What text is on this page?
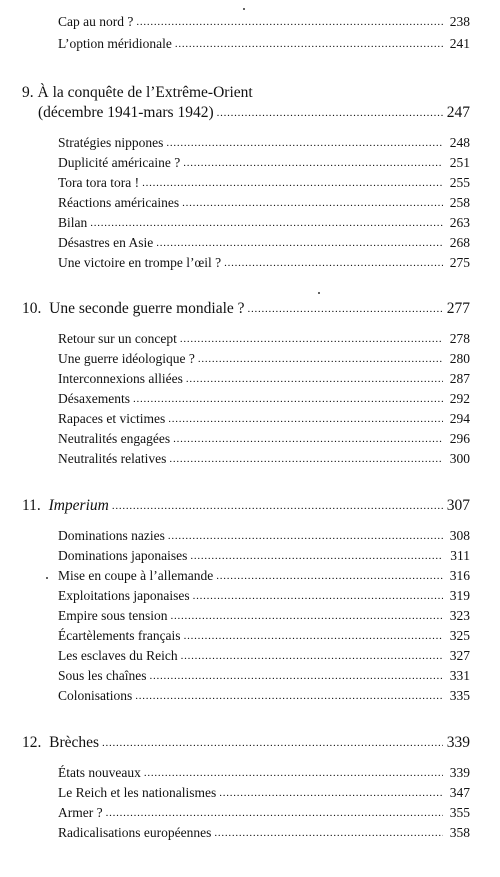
Cap au nord ? . . .	238
L’option méridionale . . .	241
9. À la conquête de l’Extrême-Orient
(décembre 1941-mars 1942) . . .	247
Stratégies nippones . . .	248
Duplicité américaine ? . . .	251
Tora tora tora ! . . .	255
Réactions américaines . . .	258
Bilan . . .	263
Désastres en Asie . . .	268
Une victoire en trompe l’œil ? . . .	275
10. Une seconde guerre mondiale ? . . .	277
Retour sur un concept . . .	278
Une guerre idéologique ? . . .	280
Interconnexions alliées . . .	287
Désaxements . . .	292
Rapaces et victimes . . .	294
Neutralités engagées . . .	296
Neutralités relatives . . .	300
11. Imperium . . .	307
Dominations nazies . . .	308
Dominations japonaises . . .	311
Mise en coupe à l’allemande . . .	316
Exploitations japonaises . . .	319
Empire sous tension . . .	323
Écartèlements français . . .	325
Les esclaves du Reich . . .	327
Sous les chaînes . . .	331
Colonisations . . .	335
12. Brèches . . .	339
États nouveaux . . .	339
Le Reich et les nationalismes . . .	347
Armer ? . . .	355
Radicalisations européennes . . .	358
